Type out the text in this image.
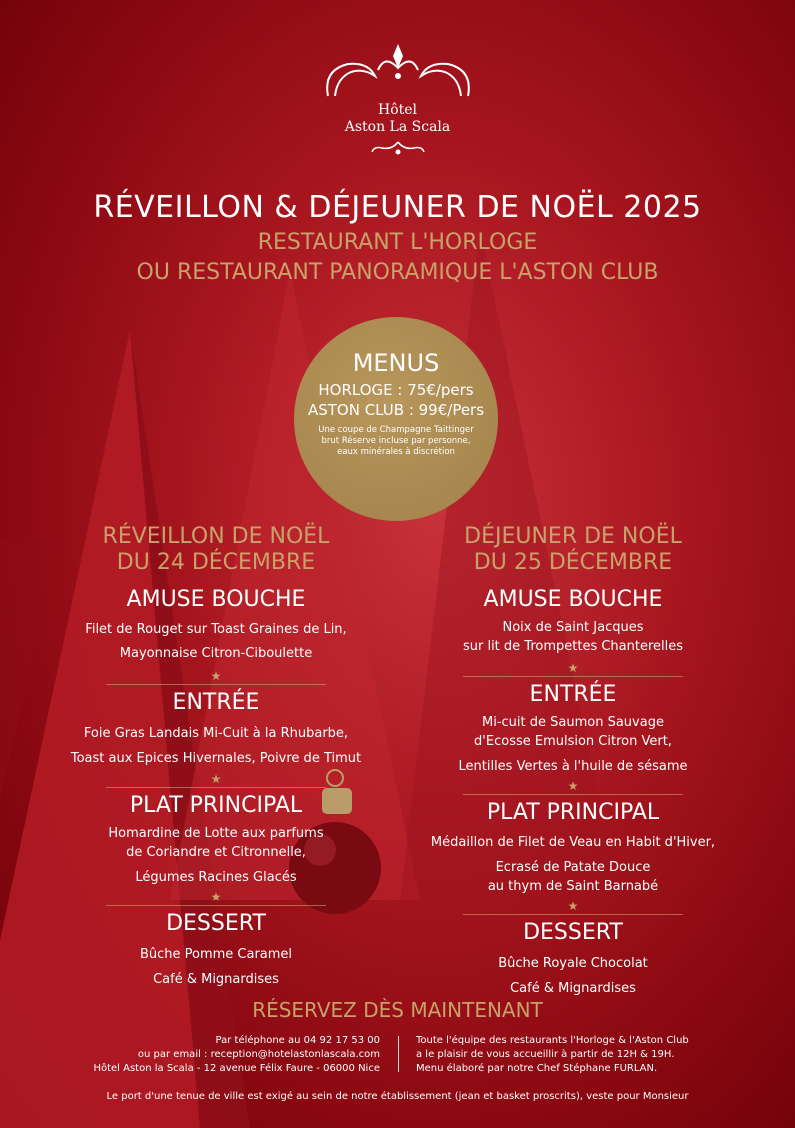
Hôtel
Aston La Scala
RÉVEILLON & DÉJEUNER DE NOËL 2025
RESTAURANT L'HORLOGE
OU RESTAURANT PANORAMIQUE L'ASTON CLUB
MENUS
HORLOGE : 75€/pers
ASTON CLUB : 99€/Pers
Une coupe de Champagne Taittinger
brut Réserve incluse par personne,
eaux minérales à discrétion
RÉVEILLON DE NOËL
DU 24 DÉCEMBRE
AMUSE BOUCHE
Filet de Rouget sur Toast Graines de Lin,
Mayonnaise Citron-Ciboulette
★
ENTRÉE
Foie Gras Landais Mi-Cuit à la Rhubarbe,
Toast aux Epices Hivernales, Poivre de Timut
★
PLAT PRINCIPAL
Homardine de Lotte aux parfums
de Coriandre et Citronnelle,
Légumes Racines Glacés
★
DESSERT
Bûche Pomme Caramel
Café & Mignardises
DÉJEUNER DE NOËL
DU 25 DÉCEMBRE
AMUSE BOUCHE
Noix de Saint Jacques
sur lit de Trompettes Chanterelles
★
ENTRÉE
Mi-cuit de Saumon Sauvage
d'Ecosse Emulsion Citron Vert,
Lentilles Vertes à l'huile de sésame
★
PLAT PRINCIPAL
Médaillon de Filet de Veau en Habit d'Hiver,
Ecrasé de Patate Douce
au thym de Saint Barnabé
★
DESSERT
Bûche Royale Chocolat
Café & Mignardises
RÉSERVEZ DÈS MAINTENANT
Par téléphone au 04 92 17 53 00
ou par email : reception@hotelastonlascala.com
Hôtel Aston la Scala - 12 avenue Félix Faure - 06000 Nice
Toute l'équipe des restaurants l'Horloge & l'Aston Club
a le plaisir de vous accueillir à partir de 12H & 19H.
Menu élaboré par notre Chef Stéphane FURLAN.
Le port d'une tenue de ville est exigé au sein de notre établissement (jean et basket proscrits), veste pour Monsieur
